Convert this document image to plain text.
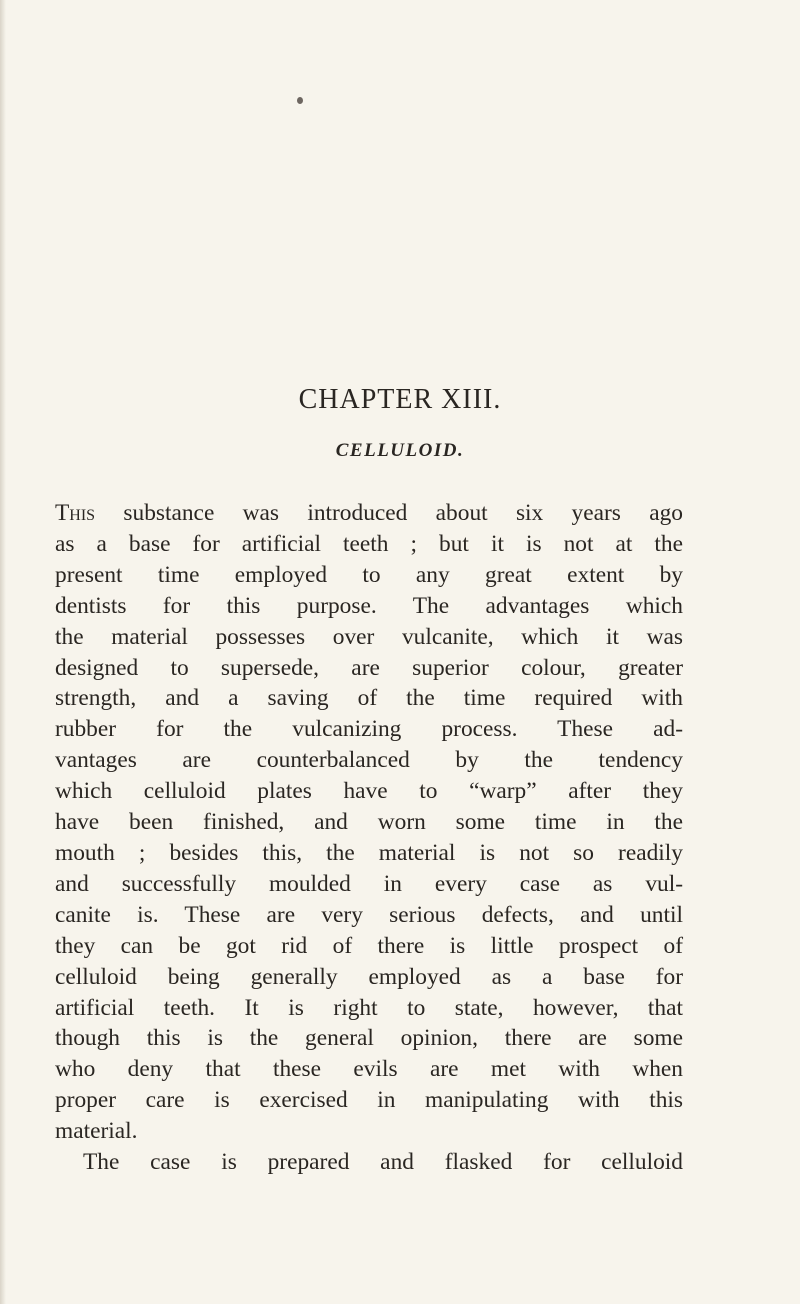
CHAPTER XIII.
CELLULOID.
This substance was introduced about six years ago
as a base for artificial teeth ; but it is not at the
present time employed to any great extent by
dentists for this purpose. The advantages which
the material possesses over vulcanite, which it was
designed to supersede, are superior colour, greater
strength, and a saving of the time required with
rubber for the vulcanizing process. These ad-
vantages are counterbalanced by the tendency
which celluloid plates have to “warp” after they
have been finished, and worn some time in the
mouth ; besides this, the material is not so readily
and successfully moulded in every case as vul-
canite is. These are very serious defects, and until
they can be got rid of there is little prospect of
celluloid being generally employed as a base for
artificial teeth. It is right to state, however, that
though this is the general opinion, there are some
who deny that these evils are met with when
proper care is exercised in manipulating with this
material.
The case is prepared and flasked for celluloid
